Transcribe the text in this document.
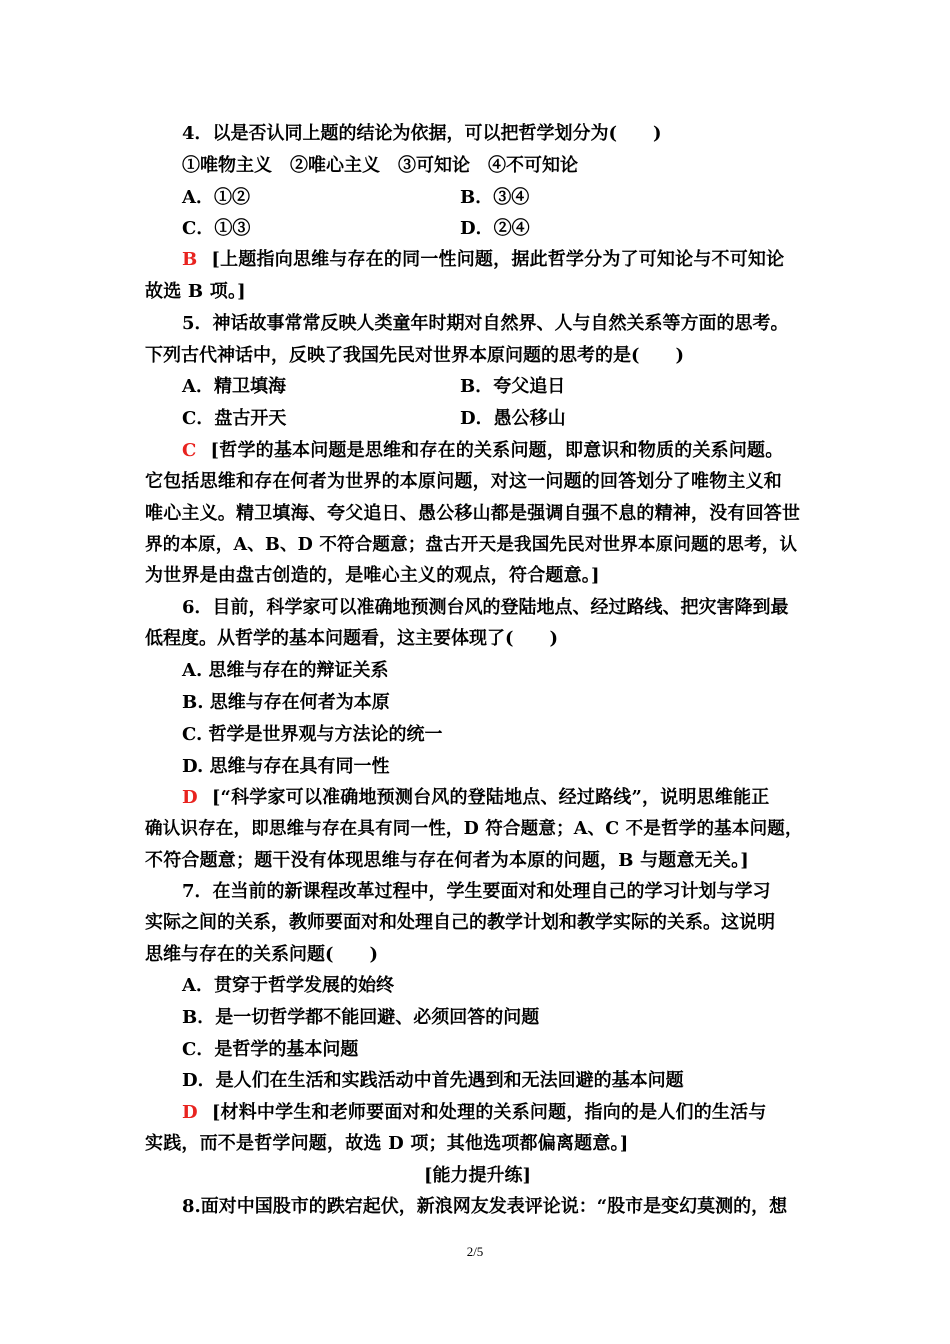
4．以是否认同上题的结论为依据，可以把哲学划分为(　　)
①唯物主义　②唯心主义　③可知论　④不可知论
A．①②	B．③④
C．①③	D．②④
B [上题指向思维与存在的同一性问题，据此哲学分为了可知论与不可知论
故选 B 项。]
5．神话故事常常反映人类童年时期对自然界、人与自然关系等方面的思考。
下列古代神话中，反映了我国先民对世界本原问题的思考的是(　　)
A．精卫填海	B．夸父追日
C．盘古开天	D．愚公移山
C [哲学的基本问题是思维和存在的关系问题，即意识和物质的关系问题。
它包括思维和存在何者为世界的本原问题，对这一问题的回答划分了唯物主义和
唯心主义。精卫填海、夸父追日、愚公移山都是强调自强不息的精神，没有回答世
界的本原，A、B、D 不符合题意；盘古开天是我国先民对世界本原问题的思考，认
为世界是由盘古创造的，是唯心主义的观点，符合题意。]
6．目前，科学家可以准确地预测台风的登陆地点、经过路线、把灾害降到最
低程度。从哲学的基本问题看，这主要体现了(　　)
A. 思维与存在的辩证关系
B. 思维与存在何者为本原
C. 哲学是世界观与方法论的统一
D. 思维与存在具有同一性
D [“科学家可以准确地预测台风的登陆地点、经过路线”，说明思维能正
确认识存在，即思维与存在具有同一性，D 符合题意；A、C 不是哲学的基本问题，
不符合题意；题干没有体现思维与存在何者为本原的问题，B 与题意无关。]
7．在当前的新课程改革过程中，学生要面对和处理自己的学习计划与学习
实际之间的关系，教师要面对和处理自己的教学计划和教学实际的关系。这说明
思维与存在的关系问题(　　)
A．贯穿于哲学发展的始终
B．是一切哲学都不能回避、必须回答的问题
C．是哲学的基本问题
D．是人们在生活和实践活动中首先遇到和无法回避的基本问题
D [材料中学生和老师要面对和处理的关系问题，指向的是人们的生活与
实践，而不是哲学问题，故选 D 项；其他选项都偏离题意。]
[能力提升练]
8.面对中国股市的跌宕起伏，新浪网友发表评论说：“股市是变幻莫测的，想
2/5
